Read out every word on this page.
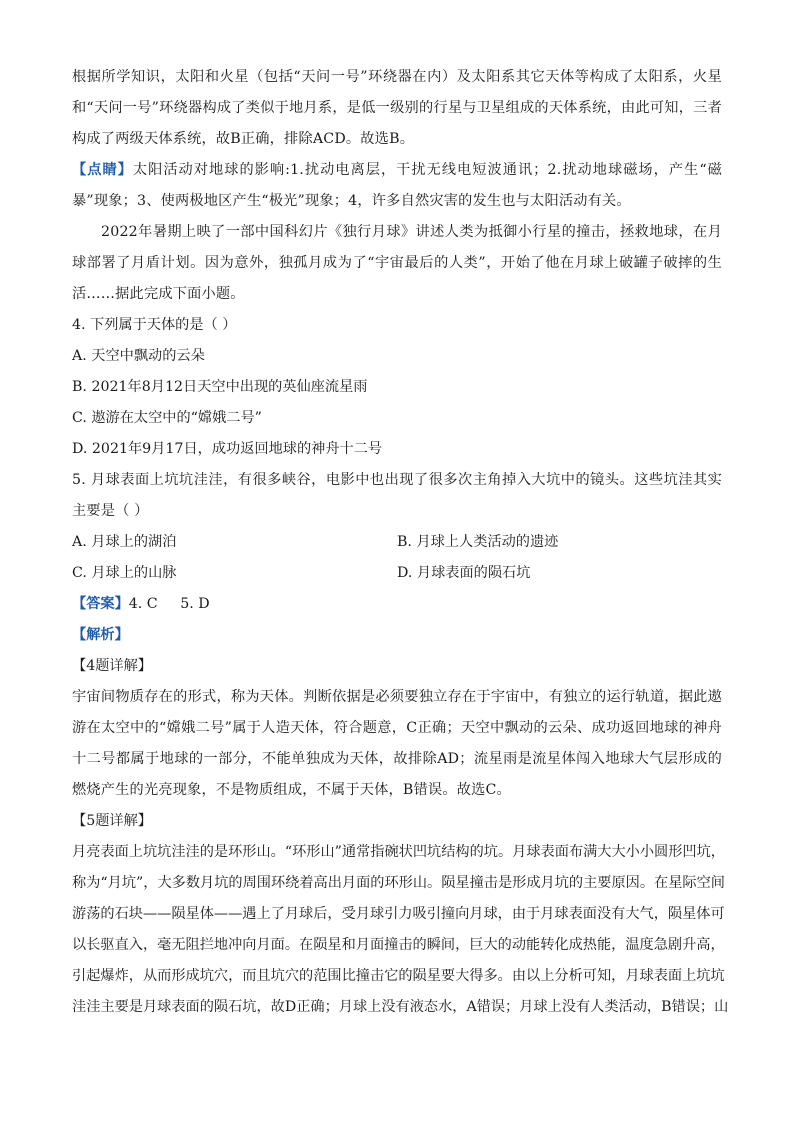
根据所学知识，太阳和火星（包括“天问一号”环绕器在内）及太阳系其它天体等构成了太阳系，火星和“天问一号”环绕器构成了类似于地月系，是低一级别的行星与卫星组成的天体系统，由此可知，三者构成了两级天体系统，故B正确，排除ACD。故选B。

【点睛】太阳活动对地球的影响:1.扰动电离层，干扰无线电短波通讯；2.扰动地球磁场，产生“磁暴”现象；3、使两极地区产生“极光”现象；4，许多自然灾害的发生也与太阳活动有关。

2022年暑期上映了一部中国科幻片《独行月球》讲述人类为抵御小行星的撞击，拯救地球，在月球部署了月盾计划。因为意外，独孤月成为了“宇宙最后的人类”，开始了他在月球上破罐子破摔的生活……据此完成下面小题。

4. 下列属于天体的是（ ）

A. 天空中飘动的云朵

B. 2021年8月12日天空中出现的英仙座流星雨

C. 遨游在太空中的“嫦娥二号”

D. 2021年9月17日，成功返回地球的神舟十二号

5. 月球表面上坑坑洼洼，有很多峡谷，电影中也出现了很多次主角掉入大坑中的镜头。这些坑洼其实主要是（ ）

A. 月球上的湖泊	B. 月球上人类活动的遗迹
C. 月球上的山脉	D. 月球表面的陨石坑

【答案】4. C     5. D

【解析】

【4题详解】

宇宙间物质存在的形式，称为天体。判断依据是必须要独立存在于宇宙中，有独立的运行轨道，据此遨游在太空中的“嫦娥二号”属于人造天体，符合题意，C正确；天空中飘动的云朵、成功返回地球的神舟十二号都属于地球的一部分，不能单独成为天体，故排除AD；流星雨是流星体闯入地球大气层形成的燃烧产生的光亮现象，不是物质组成，不属于天体，B错误。故选C。

【5题详解】

月亮表面上坑坑洼洼的是环形山。“环形山”通常指碗状凹坑结构的坑。月球表面布满大大小小圆形凹坑，

称为“月坑”，大多数月坑的周围环绕着高出月面的环形山。陨星撞击是形成月坑的主要原因。在星际空间

游荡的石块——陨星体——遇上了月球后，受月球引力吸引撞向月球，由于月球表面没有大气，陨星体可

以长驱直入，毫无阻拦地冲向月面。在陨星和月面撞击的瞬间，巨大的动能转化成热能，温度急剧升高，

引起爆炸，从而形成坑穴，而且坑穴的范围比撞击它的陨星要大得多。由以上分析可知，月球表面上坑坑

洼洼主要是月球表面的陨石坑，故D正确；月球上没有液态水，A错误；月球上没有人类活动，B错误；山
